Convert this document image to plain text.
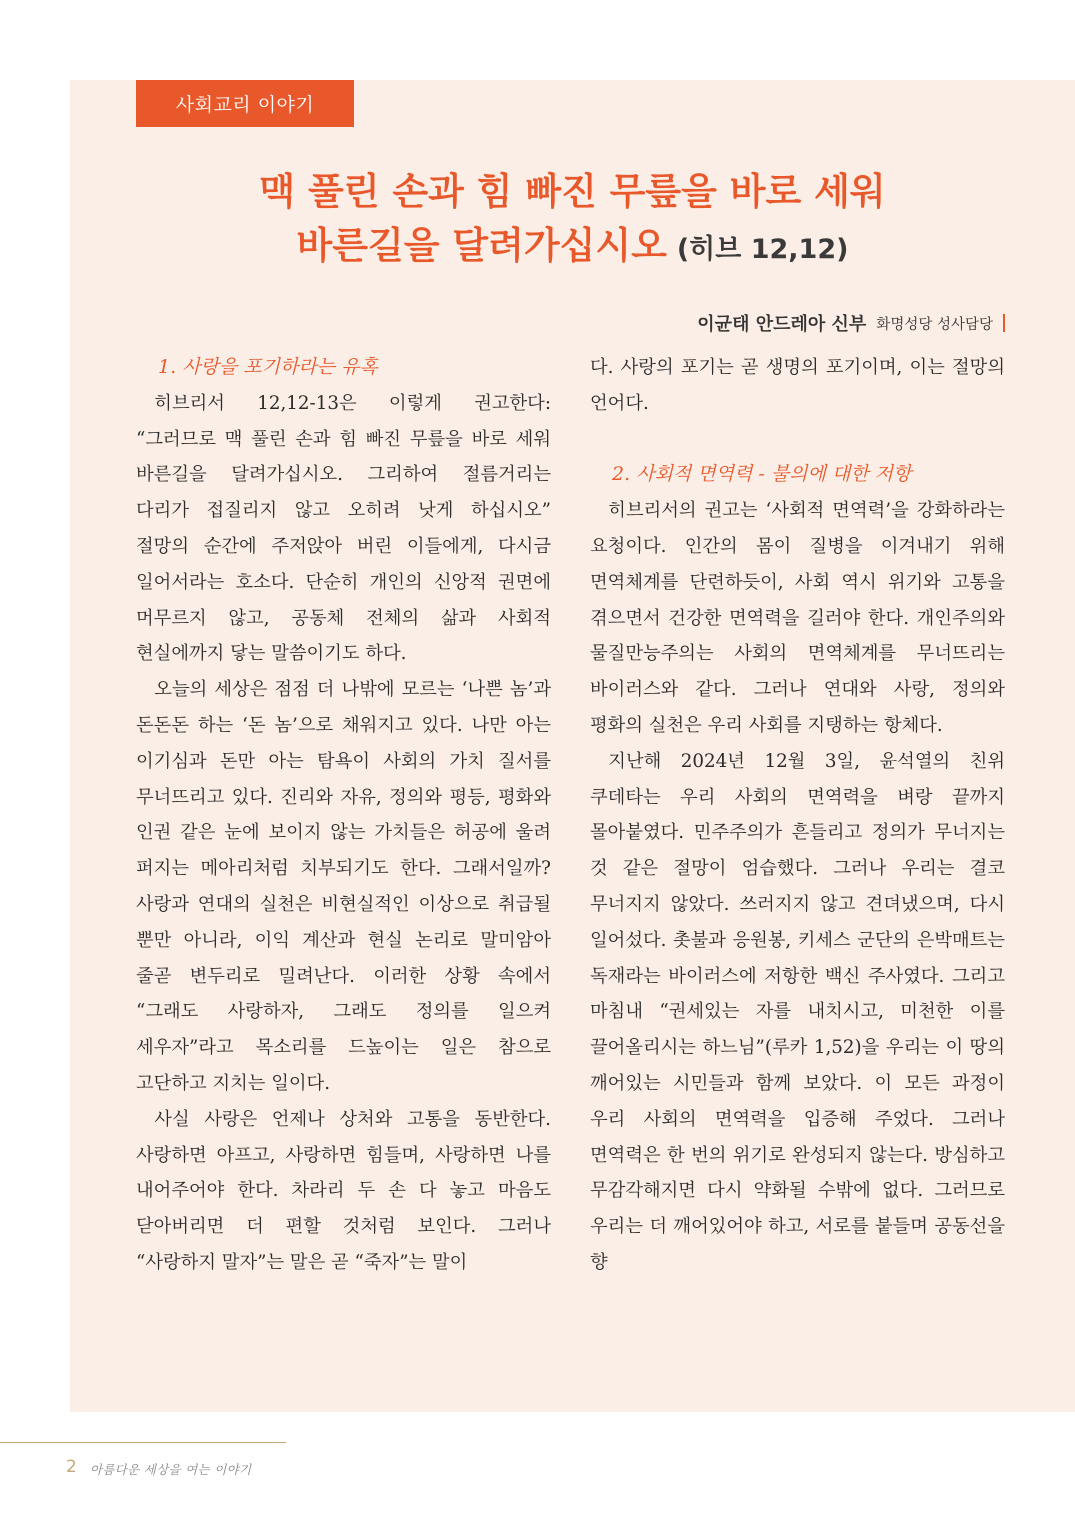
사회교리 이야기
맥 풀린 손과 힘 빠진 무릎을 바로 세워
바른길을 달려가십시오 (히브 12,12)
이균태 안드레아 신부 화명성당 성사담당
1. 사랑을 포기하라는 유혹

히브리서 12,12-13은 이렇게 권고한다: “그러므로 맥 풀린 손과 힘 빠진 무릎을 바로 세워 바른길을 달려가십시오. 그리하여 절름거리는 다리가 접질리지 않고 오히려 낫게 하십시오” 절망의 순간에 주저앉아 버린 이들에게, 다시금 일어서라는 호소다. 단순히 개인의 신앙적 권면에 머무르지 않고, 공동체 전체의 삶과 사회적 현실에까지 닿는 말씀이기도 하다.

오늘의 세상은 점점 더 나밖에 모르는 ‘나쁜 놈’과 돈돈돈 하는 ‘돈 놈’으로 채워지고 있다. 나만 아는 이기심과 돈만 아는 탐욕이 사회의 가치 질서를 무너뜨리고 있다. 진리와 자유, 정의와 평등, 평화와 인권 같은 눈에 보이지 않는 가치들은 허공에 울려 퍼지는 메아리처럼 치부되기도 한다. 그래서일까? 사랑과 연대의 실천은 비현실적인 이상으로 취급될 뿐만 아니라, 이익 계산과 현실 논리로 말미암아 줄곧 변두리로 밀려난다. 이러한 상황 속에서 “그래도 사랑하자, 그래도 정의를 일으켜 세우자”라고 목소리를 드높이는 일은 참으로 고단하고 지치는 일이다.

사실 사랑은 언제나 상처와 고통을 동반한다. 사랑하면 아프고, 사랑하면 힘들며, 사랑하면 나를 내어주어야 한다. 차라리 두 손 다 놓고 마음도 닫아버리면 더 편할 것처럼 보인다. 그러나 “사랑하지 말자”는 말은 곧 “죽자”는 말이

다. 사랑의 포기는 곧 생명의 포기이며, 이는 절망의 언어다.

2. 사회적 면역력 - 불의에 대한 저항

히브리서의 권고는 ‘사회적 면역력’을 강화하라는 요청이다. 인간의 몸이 질병을 이겨내기 위해 면역체계를 단련하듯이, 사회 역시 위기와 고통을 겪으면서 건강한 면역력을 길러야 한다. 개인주의와 물질만능주의는 사회의 면역체계를 무너뜨리는 바이러스와 같다. 그러나 연대와 사랑, 정의와 평화의 실천은 우리 사회를 지탱하는 항체다.

지난해 2024년 12월 3일, 윤석열의 친위 쿠데타는 우리 사회의 면역력을 벼랑 끝까지 몰아붙였다. 민주주의가 흔들리고 정의가 무너지는 것 같은 절망이 엄습했다. 그러나 우리는 결코 무너지지 않았다. 쓰러지지 않고 견뎌냈으며, 다시 일어섰다. 촛불과 응원봉, 키세스 군단의 은박매트는 독재라는 바이러스에 저항한 백신 주사였다. 그리고 마침내 “권세있는 자를 내치시고, 미천한 이를 끌어올리시는 하느님”(루카 1,52)을 우리는 이 땅의 깨어있는 시민들과 함께 보았다. 이 모든 과정이 우리 사회의 면역력을 입증해 주었다. 그러나 면역력은 한 번의 위기로 완성되지 않는다. 방심하고 무감각해지면 다시 약화될 수밖에 없다. 그러므로 우리는 더 깨어있어야 하고, 서로를 붙들며 공동선을 향

2 아름다운 세상을 여는 이야기
